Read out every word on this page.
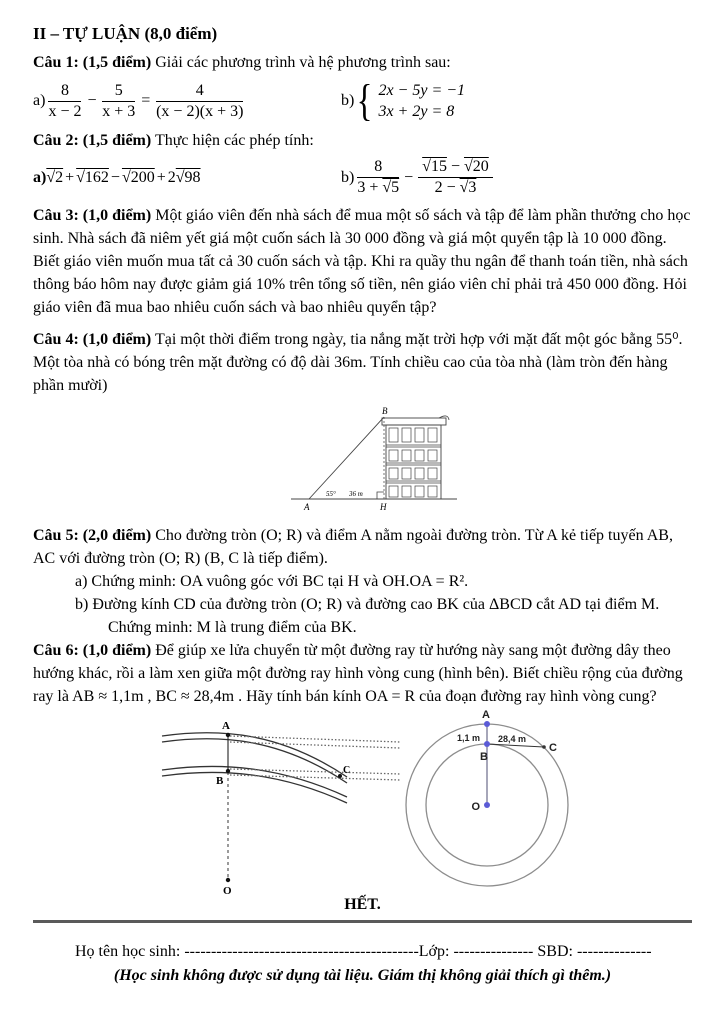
II – TỰ LUẬN (8,0 điểm)
Câu 1: (1,5 điểm) Giải các phương trình và hệ phương trình sau:
$a) \frac{8}{x - 2} - \frac{5}{x + 3} = \frac{4}{(x - 2)(x + 3)}$	b) { 2x − 5y = −1
3x + 2y = 8
Câu 2: (1,5 điểm) Thực hiện các phép tính:
a) √2 + √162 − √200 + 2 √98	$b) \frac{8}{3 + √5} - \frac{√15 - √20}{2 - √3}$
Câu 3: (1,0 điểm) Một giáo viên đến nhà sách để mua một số sách và tập để làm phần thưởng cho học sinh. Nhà sách đã niêm yết giá một cuốn sách là 30 000 đồng và giá một quyển tập là 10 000 đồng. Biết giáo viên muốn mua tất cả 30 cuốn sách và tập. Khi ra quầy thu ngân để thanh toán tiền, nhà sách thông báo hôm nay được giảm giá 10% trên tổng số tiền, nên giáo viên chỉ phải trả 450 000 đồng. Hỏi giáo viên đã mua bao nhiêu cuốn sách và bao nhiêu quyển tập?
Câu 4: (1,0 điểm) Tại một thời điểm trong ngày, tia nắng mặt trời hợp với mặt đất một góc bằng 55⁰. Một tòa nhà có bóng trên mặt đường có độ dài 36m. Tính chiều cao của tòa nhà (làm tròn đến hàng phần mười)
B
A	H
55° 36 m
Câu 5: (2,0 điểm) Cho đường tròn (O; R) và điểm A nằm ngoài đường tròn. Từ A kẻ tiếp tuyến AB, AC với đường tròn (O; R) (B, C là tiếp điểm).
a) Chứng minh: OA vuông góc với BC tại H và OH.OA = R².
b) Đường kính CD của đường tròn (O; R) và đường cao BK của ΔBCD cắt AD tại điểm M.
Chứng minh: M là trung điểm của BK.
Câu 6: (1,0 điểm) Để giúp xe lửa chuyển từ một đường ray từ hướng này sang một đường dây theo hướng khác, rồi a làm xen giữa một đường ray hình vòng cung (hình bên). Biết chiều rộng của đường ray là AB ≈ 1,1m , BC ≈ 28,4m . Hãy tính bán kính OA = R của đoạn đường ray hình vòng cung?
A
B
C
O
A
1,1 m
B
28,4 m
C
O
HẾT.
Họ tên học sinh: --------------------------------------------Lớp: --------------- SBD: --------------
(Học sinh không được sử dụng tài liệu. Giám thị không giải thích gì thêm.)
